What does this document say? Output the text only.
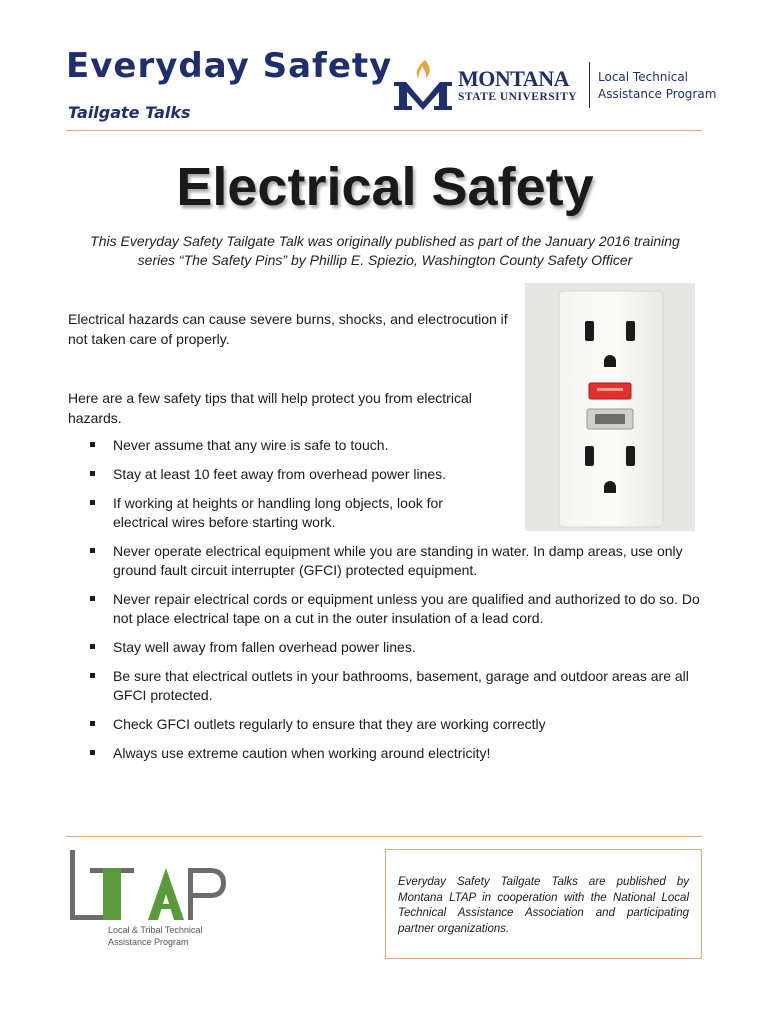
Everyday Safety
Tailgate Talks
MONTANA
STATE UNIVERSITY
Local Technical
Assistance Program
Electrical Safety

This Everyday Safety Tailgate Talk was originally published as part of the January 2016 training series “The Safety Pins” by Phillip E. Spiezio, Washington County Safety Officer

Electrical hazards can cause severe burns, shocks, and electrocution if not taken care of properly.

Here are a few safety tips that will help protect you from electrical hazards.

Never assume that any wire is safe to touch.
Stay at least 10 feet away from overhead power lines.
If working at heights or handling long objects, look for electrical wires before starting work.
Never operate electrical equipment while you are standing in water. In damp areas, use only ground fault circuit interrupter (GFCI) protected equipment.
Never repair electrical cords or equipment unless you are qualified and authorized to do so. Do not place electrical tape on a cut in the outer insulation of a lead cord.
Stay well away from fallen overhead power lines.
Be sure that electrical outlets in your bathrooms, basement, garage and outdoor areas are all GFCI protected.
Check GFCI outlets regularly to ensure that they are working correctly
Always use extreme caution when working around electricity!
Local & Tribal Technical
Assistance Program

Everyday Safety Tailgate Talks are published by Montana LTAP in cooperation with the National Local Technical Assistance Association and participating partner organizations.
